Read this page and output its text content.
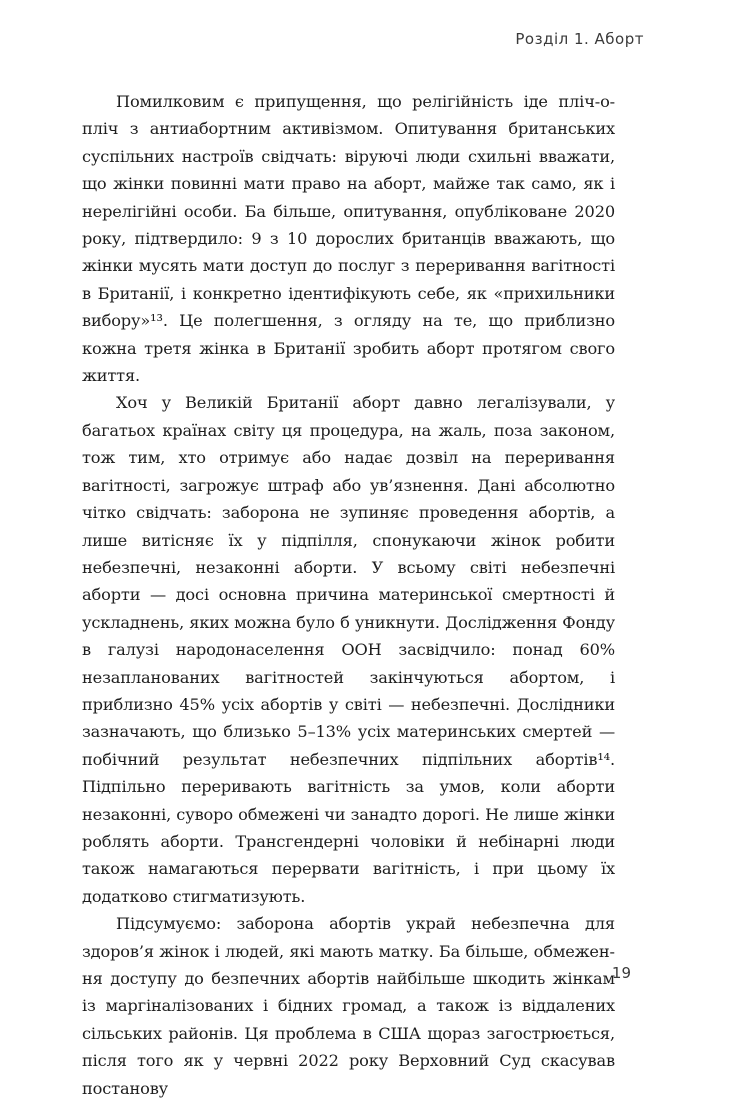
Розділ 1. Аборт

Помилковим є припущення, що релігійність іде пліч-о-пліч з антиабортним активізмом. Опитування британських суспільних настроїв свідчать: віруючі люди схильні вважати, що жінки повинні мати право на аборт, майже так само, як і нерелігійні особи. Ба більше, опитування, опубліковане 2020 року, підтвердило: 9 з 10 дорослих британців вважають, що жінки мусять мати доступ до послуг з переривання вагітності в Британії, і конкретно ідентифікують себе, як «прихильники вибору»¹³. Це полегшення, з огляду на те, що приблизно кожна третя жінка в Британії зробить аборт протягом свого життя.

Хоч у Великій Британії аборт давно легалізували, у багатьох країнах світу ця процедура, на жаль, поза законом, тож тим, хто отримує або надає дозвіл на переривання вагітності, загрожує штраф або ув’язнення. Дані абсолютно чітко свідчать: заборона не зупиняє проведення абортів, а лише витісняє їх у підпілля, спонукаючи жінок робити небезпечні, незаконні аборти. У вcьому світі небезпечні аборти — досі основна причина материнської смертності й ускладнень, яких можна було б уникнути. Дослідження Фонду в галузі народонаселення ООН засвідчило: понад 60% незапланованих вагітностей закінчуються абортом, і приблизно 45% усіх абортів у світі — небезпечні. Дослідники зазначають, що близько 5–13% усіх материнських смертей — побічний результат небезпечних підпільних абортів¹⁴. Підпільно переривають вагітність за умов, коли аборти незаконні, суворо обмежені чи занадто дорогі. Не лише жінки роблять аборти. Трансгендерні чоловіки й небінарні люди також намагаються перервати вагітність, і при цьому їх додатково стигматизують.

Підсумуємо: заборона абортів украй небезпечна для здоров’я жінок і людей, які мають матку. Ба більше, обмеження доступу до безпечних абортів найбільше шкодить жінкам із маргіналізованих і бідних громад, а також із віддалених сільських районів. Ця проблема в США щораз загострюється, після того як у червні 2022 року Верховний Суд скасував постанову

19
